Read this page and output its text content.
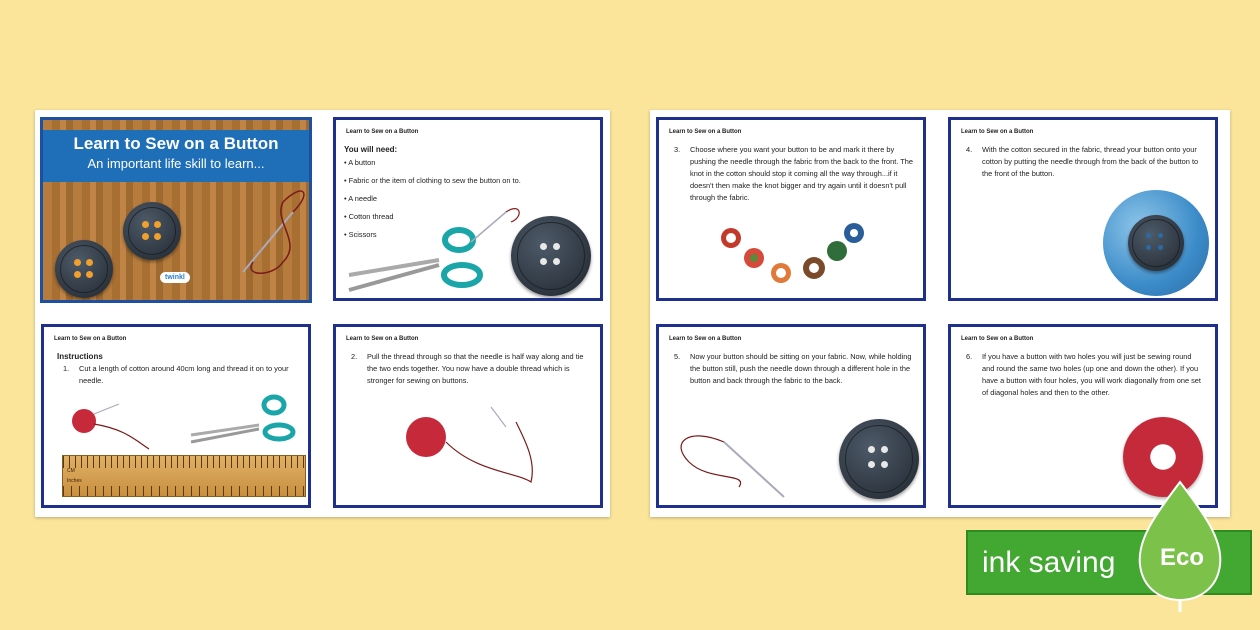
Learn to Sew on a Button
An important life skill to learn...
twinkl
Learn to Sew on a Button
You will need:
• A button
• Fabric or the item of clothing to sew the button on to.
• A needle
• Cotton thread
• Scissors
Learn to Sew on a Button
Instructions
1.	Cut a length of cotton around 40cm long and thread it on to your needle.
CM
Inches
Learn to Sew on a Button
2.	Pull the thread through so that the needle is half way along and tie the two ends together. You now have a double thread which is stronger for sewing on buttons.
Learn to Sew on a Button
3.	Choose where you want your button to be and mark it there by pushing the needle through the fabric from the back to the front. The knot in the cotton should stop it coming all the way through...if it doesn't then make the knot bigger and try again until it doesn't pull through the fabric.
Learn to Sew on a Button
4.	With the cotton secured in the fabric, thread your button onto your cotton by putting the needle through from the back of the button to the front of the button.
Learn to Sew on a Button
5.	Now your button should be sitting on your fabric. Now, while holding the button still, push the needle down through a different hole in the button and back through the fabric to the back.
Learn to Sew on a Button
6.	If you have a button with two holes you will just be sewing round and round the same two holes (up one and down the other). If you have a button with four holes, you will work diagonally from one set of diagonal holes and then to the other.
ink saving Eco
